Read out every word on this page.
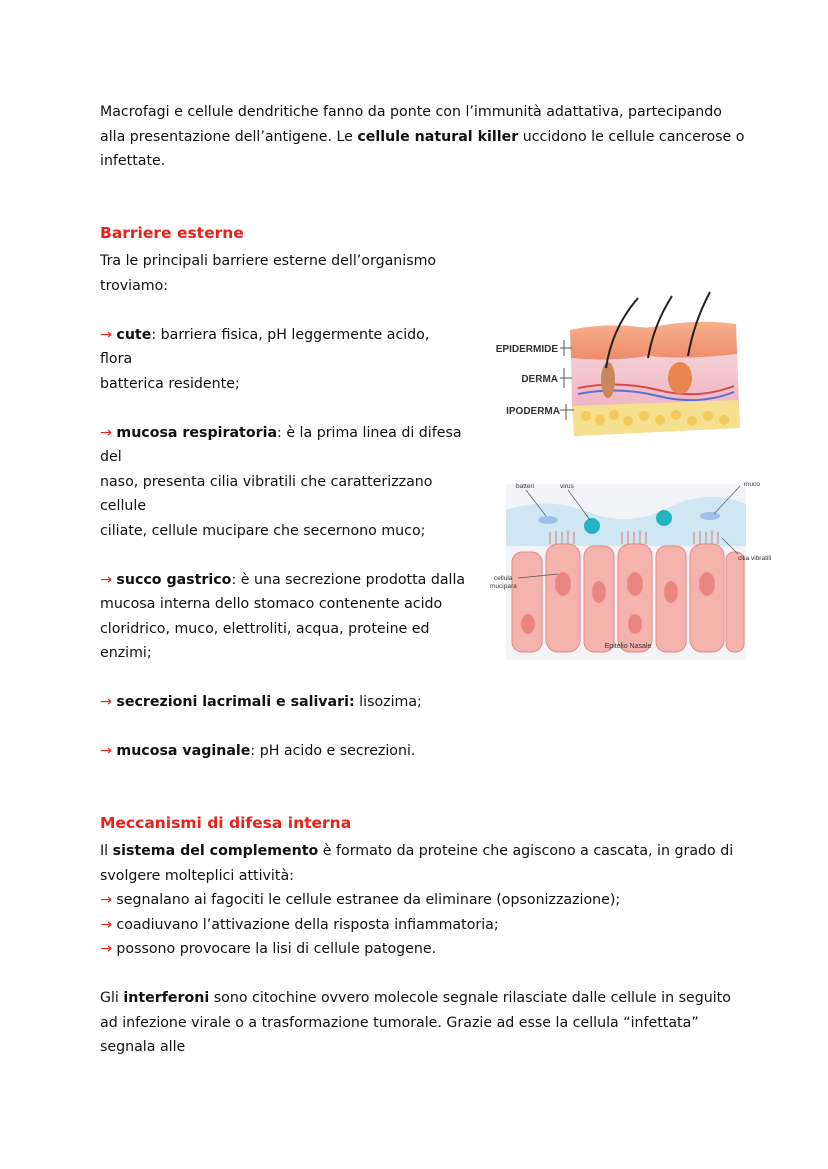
Macrofagi e cellule dendritiche fanno da ponte con l’immunità adattativa, partecipando
alla presentazione dell’antigene. Le cellule natural killer uccidono le cellule cancerose o
infettate.
Barriere esterne
Tra le principali barriere esterne dell’organismo
troviamo:
→ cute: barriera fisica, pH leggermente acido,
flora
batterica residente;
→ mucosa respiratoria: è la prima linea di difesa
del
naso, presenta cilia vibratili che caratterizzano
cellule
ciliate, cellule mucipare che secernono muco;
→ succo gastrico: è una secrezione prodotta dalla
mucosa interna dello stomaco contenente acido
cloridrico, muco, elettroliti, acqua, proteine ed
enzimi;
→ secrezioni lacrimali e salivari: lisozima;
→ mucosa vaginale: pH acido e secrezioni.
EPIDERMIDE
DERMA
IPODERMA
batteri	virus	muco
cilia vibratili
cellula
mucipara
Epitelio Nasale
Meccanismi di difesa interna
Il sistema del complemento è formato da proteine che agiscono a cascata, in grado di
svolgere molteplici attività:
→ segnalano ai fagociti le cellule estranee da eliminare (opsonizzazione);
→ coadiuvano l’attivazione della risposta infiammatoria;
→ possono provocare la lisi di cellule patogene.
Gli interferoni sono citochine ovvero molecole segnale rilasciate dalle cellule in seguito
ad infezione virale o a trasformazione tumorale. Grazie ad esse la cellula “infettata”
segnala alle
